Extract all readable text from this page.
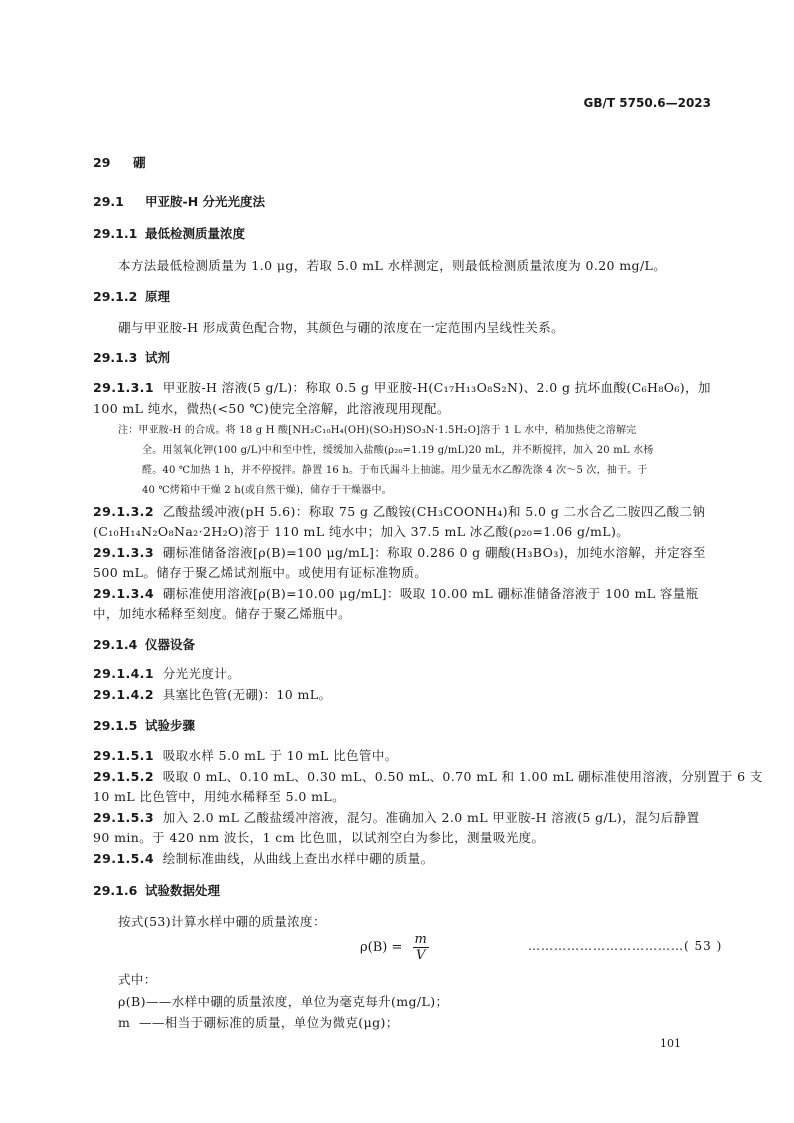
GB/T 5750.6—2023
29 硼
29.1 甲亚胺-H 分光光度法
29.1.1 最低检测质量浓度
本方法最低检测质量为 1.0 μg，若取 5.0 mL 水样测定，则最低检测质量浓度为 0.20 mg/L。
29.1.2 原理
硼与甲亚胺-H 形成黄色配合物，其颜色与硼的浓度在一定范围内呈线性关系。
29.1.3 试剂
29.1.3.1 甲亚胺-H 溶液(5 g/L)：称取 0.5 g 甲亚胺-H(C₁₇H₁₃O₈S₂N)、2.0 g 抗坏血酸(C₆H₈O₆)，加
100 mL 纯水，微热(<50 ℃)使完全溶解，此溶液现用现配。
注：甲亚胺-H 的合成。将 18 g H 酸[NH₂C₁₀H₄(OH)(SO₃H)SO₃N·1.5H₂O]溶于 1 L 水中，稍加热使之溶解完
全。用氢氧化钾(100 g/L)中和至中性，缓缓加入盐酸(ρ₂₀=1.19 g/mL)20 mL，并不断搅拌，加入 20 mL 水杨
醛。40 ℃加热 1 h，并不停搅拌。静置 16 h。于布氏漏斗上抽滤。用少量无水乙醇洗涤 4 次～5 次，抽干。于
40 ℃烤箱中干燥 2 h(或自然干燥)，储存于干燥器中。
29.1.3.2 乙酸盐缓冲液(pH 5.6)：称取 75 g 乙酸铵(CH₃COONH₄)和 5.0 g 二水合乙二胺四乙酸二钠
(C₁₀H₁₄N₂O₈Na₂·2H₂O)溶于 110 mL 纯水中；加入 37.5 mL 冰乙酸(ρ₂₀=1.06 g/mL)。
29.1.3.3 硼标准储备溶液[ρ(B)=100 μg/mL]：称取 0.286 0 g 硼酸(H₃BO₃)，加纯水溶解，并定容至
500 mL。储存于聚乙烯试剂瓶中。或使用有证标准物质。
29.1.3.4 硼标准使用溶液[ρ(B)=10.00 μg/mL]：吸取 10.00 mL 硼标准储备溶液于 100 mL 容量瓶
中，加纯水稀释至刻度。储存于聚乙烯瓶中。
29.1.4 仪器设备
29.1.4.1 分光光度计。
29.1.4.2 具塞比色管(无硼)：10 mL。
29.1.5 试验步骤
29.1.5.1 吸取水样 5.0 mL 于 10 mL 比色管中。
29.1.5.2 吸取 0 mL、0.10 mL、0.30 mL、0.50 mL、0.70 mL 和 1.00 mL 硼标准使用溶液，分别置于 6 支
10 mL 比色管中，用纯水稀释至 5.0 mL。
29.1.5.3 加入 2.0 mL 乙酸盐缓冲溶液，混匀。准确加入 2.0 mL 甲亚胺-H 溶液(5 g/L)，混匀后静置
90 min。于 420 nm 波长，1 cm 比色皿，以试剂空白为参比，测量吸光度。
29.1.5.4 绘制标准曲线，从曲线上查出水样中硼的质量。
29.1.6 试验数据处理
按式(53)计算水样中硼的质量浓度：
$\rho(B) = \frac{m}{V}$	………………………………( 53 )
式中：
ρ(B)——水样中硼的质量浓度，单位为毫克每升(mg/L)；
m  ——相当于硼标准的质量，单位为微克(μg)；
101
